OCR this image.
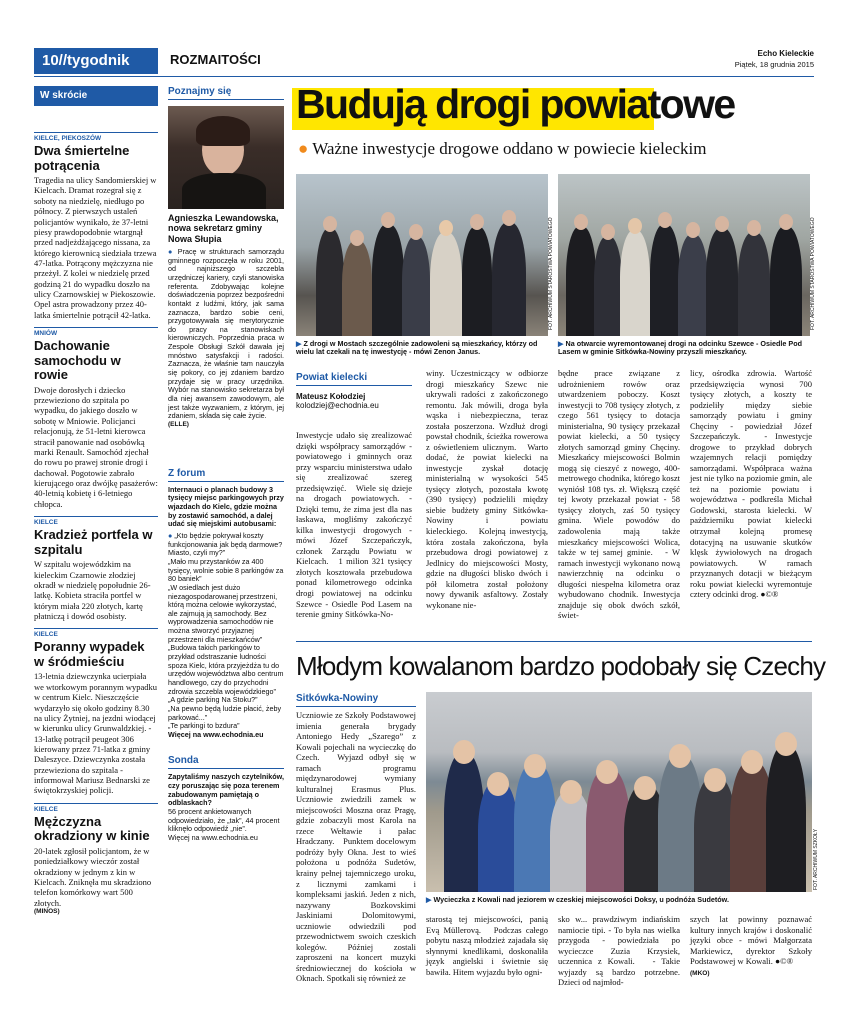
10//tygodnik	ROZMAITOŚCI	Echo Kieleckie
Piątek, 18 grudnia 2015
W skrócie
KIELCE, PIEKOSZÓW
Dwa śmiertelne potrącenia
Tragedia na ulicy Sandomierskiej w Kielcach. Dramat rozegrał się z soboty na niedzielę, niedługo po północy. Z pierwszych ustaleń policjantów wynikało, że 37-letni piesy prawdopodobnie wtargnął przed nadjeżdżającego nissana, za którego kierownicą siedziała trzewa 47-latka. Potrącony mężczyzna nie przeżył. Z kolei w niedzielę przed godziną 21 do wypadku doszło na ulicy Czarnowskiej w Piekoszowie. Opel astra prowadzony przez 40-latka śmiertelnie potrącił 42-latka.
MNIÓW
Dachowanie samochodu w rowie
Dwoje dorosłych i dziecko przewieziono do szpitala po wypadku, do jakiego doszło w sobotę w Mniowie. Policjanci relacjonują, że 51-letni kierowca stracił panowanie nad osobówką marki Renault. Samochód zjechał do rowu po prawej stronie drogi i dachował. Pogotowie zabrało kierującego oraz dwójkę pasażerów: 40-letnią kobietę i 6-letniego chłopca.
KIELCE
Kradzież portfela w szpitalu
W szpitalu wojewódzkim na kieleckim Czarnowie złodziej okradł w niedzielę popołudnie 26-latkę. Kobieta straciła portfel w którym miała 220 złotych, kartę płatniczą i dowód osobisty.
KIELCE
Poranny wypadek w śródmieściu
13-letnia dziewczynka ucierpiała we wtorkowym porannym wypadku w centrum Kielc. Nieszczęście wydarzyło się około godziny 8.30 na ulicy Żytniej, na jezdni wiodącej w kierunku ulicy Grunwaldzkiej. - 13-latkę potrącił peugeot 306 kierowany przez 71-latka z gminy Daleszyce. Dziewczynka została przewieziona do szpitala - informował Mariusz Bednarski ze świętokrzyskiej policji.
KIELCE
Mężczyzna okradziony w kinie
20-latek zgłosił policjantom, że w poniedziałkowy wieczór został okradziony w jednym z kin w Kielcach. Zniknęła mu skradziono telefon komórkowy wart 500 złotych.
(MINOS)
Poznajmy się
Agnieszka Lewandowska, nowa sekretarz gminy Nowa Słupia
● Pracę w strukturach samorządu gminnego rozpoczęła w roku 2001, od najniższego szczebla urzędniczej kariery, czyli stanowiska referenta. Zdobywając kolejne doświadczenia poprzez bezpośredni kontakt z ludźmi, który, jak sama zaznacza, bardzo sobie ceni, przygotowywała się merytorycznie do pracy na stanowiskach kierowniczych. Poprzednia praca w Zespole Obsługi Szkół dawała jej mnóstwo satysfakcji i radości. Zaznacza, że właśnie tam nauczyła się pokory, co jej zdaniem bardzo przydaje się w pracy urzędnika. Wybór na stanowisko sekretarza był dla niej awansem zawodowym, ale jest także wyzwaniem, z którym, jej zdaniem, składa się całe życie.
(ELLE)
Z forum
Internauci o planach budowy 3 tysięcy miejsc parkingowych przy wjazdach do Kielc, gdzie można by zostawić samochód, a dalej udać się miejskimi autobusami:
● „Kto będzie pokrywał koszty funkcjonowania jak będą darmowe? Miasto, czyli my?”
„Mało mu przystanków za 400 tysięcy, wolnie sobie 8 parkingów za 80 baniek”
„W osiedlach jest dużo niezagospodarowanej przestrzeni, którą można celowie wykorzystać, ale zajmują ją samochody. Bez wyprowadzenia samochodów nie można stworzyć przyjaznej przestrzeni dla mieszkańców”
„Budowa takich parkingów to przykład odstraszanie ludności spoza Kielc, która przyjeżdża tu do urzędów województwa albo centrum handlowego, czy do przychodni zdrowia szczebla wojewódzkiego”
„A gdzie parking Na Stoku?”
„Na pewno będą ludzie płacić, żeby parkować...”
„Te parkingi to bzdura”
Więcej na www.echodnia.eu
Sonda
Zapytaliśmy naszych czytelników, czy poruszając się poza terenem zabudowanym pamiętają o odblaskach?
56 procent ankietowanych odpowiedziało, że „tak”, 44 procent kliknęło odpowiedź „nie”.
Więcej na www.echodnia.eu
Budują drogi powiatowe
● Ważne inwestycje drogowe oddano w powiecie kieleckim
FOT. ARCHIWUM STAROSTWA POWIATOWEGO
▶ Z drogi w Mostach szczególnie zadowoleni są mieszkańcy, którzy od wielu lat czekali na tę inwestycję - mówi Zenon Janus.
FOT. ARCHIWUM STAROSTWA POWIATOWEGO
▶ Na otwarcie wyremontowanej drogi na odcinku Szewce - Osiedle Pod Lasem w gminie Sitkówka-Nowiny przyszli mieszkańcy.
Powiat kielecki
Mateusz Kołodziej
kolodziej@echodnia.eu
Inwestycje udało się zrealizować dzięki współpracy samorządów - powiatowego i gminnych oraz przy wsparciu ministerstwa udało się zrealizować szereg przedsięwzięć.   Wiele się dzieje na drogach powiatowych. - Dzięki temu, że zima jest dla nas łaskawa, mogliśmy zakończyć kilka inwestycji drogowych - mówi Józef Szczepańczyk, członek Zarządu Powiatu w Kielcach.   1 milion 321 tysięcy złotych kosztowała przebudowa ponad kilometrowego odcinka drogi powiatowej na odcinku Szewce - Osiedle Pod Lasem na terenie gminy Sitkówka-No-
winy. Uczestniczący w odbiorze drogi mieszkańcy Szewc nie ukrywali radości z zakończonego remontu. Jak mówili, droga była wąska i niebezpieczna, teraz została poszerzona. Wzdłuż drogi powstał chodnik, ścieżka rowerowa z oświetleniem ulicznym.   Warto dodać, że powiat kielecki na inwestycje zyskał dotację ministerialną w wysokości 545 tysięcy złotych, pozostała kwotę (390 tysięcy) podzielili między siebie budżety gminy Sitkówka-Nowiny i powiatu kieleckiego.   Kolejną inwestycją, która została zakończona, była przebudowa drogi powiatowej z Jedlnicy do miejscowości Mosty, gdzie na długości blisko dwóch i pół kilometra został położony nowy dywanik asfaltowy. Zostały wykonane nie-
będne prace związane z udrożnieniem rowów oraz utwardzeniem poboczy. Koszt inwestycji to 708 tysięcy złotych, z czego 561 tysięcy to dotacja ministerialna, 90 tysięcy przekazał powiat kielecki, a 50 tysięcy złotych samorząd gminy Chęciny. Mieszkańcy miejscowości Bolmin mogą się cieszyć z nowego, 400-metrowego chodnika, którego koszt wyniósł 108 tys. zł. Większą część tej kwoty przekazał powiat - 58 tysięcy złotych, zaś 50 tysięcy gmina. Wiele powodów do zadowolenia mają także mieszkańcy miejscowości Wolica, także w tej samej gminie.   - W ramach inwestycji wykonano nową nawierzchnię na odcinku o długości niespełna kilometra oraz wybudowano chodnik. Inwestycja znajduje się obok dwóch szkół, świet-
licy, ośrodka zdrowia. Wartość przedsięwzięcia wynosi 700 tysięcy złotych, a koszty te podzieliły między siebie samorządy powiatu i gminy Chęciny - powiedział Józef Szczepańczyk.   - Inwestycje drogowe to przykład dobrych wzajemnych relacji pomiędzy samorządami. Współpraca ważna jest nie tylko na poziomie gmin, ale też na poziomie powiatu i województwa - podkreśla Michał Godowski, starosta kielecki. W październiku powiat kielecki otrzymał kolejną promesę dotacyjną na usuwanie skutków klęsk żywiołowych na drogach powiatowych. W ramach przyznanych dotacji w bieżącym roku powiat kielecki wyremontuje cztery odcinki drog. ●©®
Młodym kowalanom bardzo podobały się Czechy
Sitkówka-Nowiny
Uczniowie ze Szkoły Podstawowej imienia generała brygady Antoniego Hedy „Szarego” z Kowali pojechali na wycieczkę do Czech.   Wyjazd odbył się w ramach programu międzynarodowej wymiany kulturalnej Erasmus Plus. Uczniowie zwiedzili zamek w miejscowości Moszna oraz Pragę, gdzie zobaczyli most Karola na rzece Wełtawie i pałac Hradczany.   Punktem docelowym podróży były Okna. Jest to wieś położona u podnóża Sudetów, krainy pełnej tajemniczego uroku, z licznymi zamkami i kompleksami jaskiń. Jeden z nich, nazywany Bozkovskimi Jaskiniami Dolomitowymi, uczniowie odwiedzili pod przewodnictwem swoich czeskich kolegów. Później zostali zaproszeni na koncert muzyki średniowiecznej do kościoła w Oknach. Spotkali się również ze
FOT. ARCHIWUM SZKOŁY
▶ Wycieczka z Kowali nad jeziorem w czeskiej miejscowości Doksy, u podnóża Sudetów.
starostą tej miejscowości, panią Evą Müllerovą.   Podczas całego pobytu naszą młodzież zajadała się słynnymi knedlikami, doskonaliła język angielski i świetnie się bawiła. Hitem wyjazdu było ogni-
sko w... prawdziwym indiańskim namiocie tipi. - To była nas wielka przygoda - powiedziała po wycieczce Zuzia Krzysiek, uczennica z Kowali.   - Takie wyjazdy są bardzo potrzebne. Dzieci od najmłod-
szych lat powinny poznawać kultury innych krajów i doskonalić języki obce - mówi Małgorzata Markiewicz, dyrektor Szkoły Podstawowej w Kowali. ●©®
(MKO)
